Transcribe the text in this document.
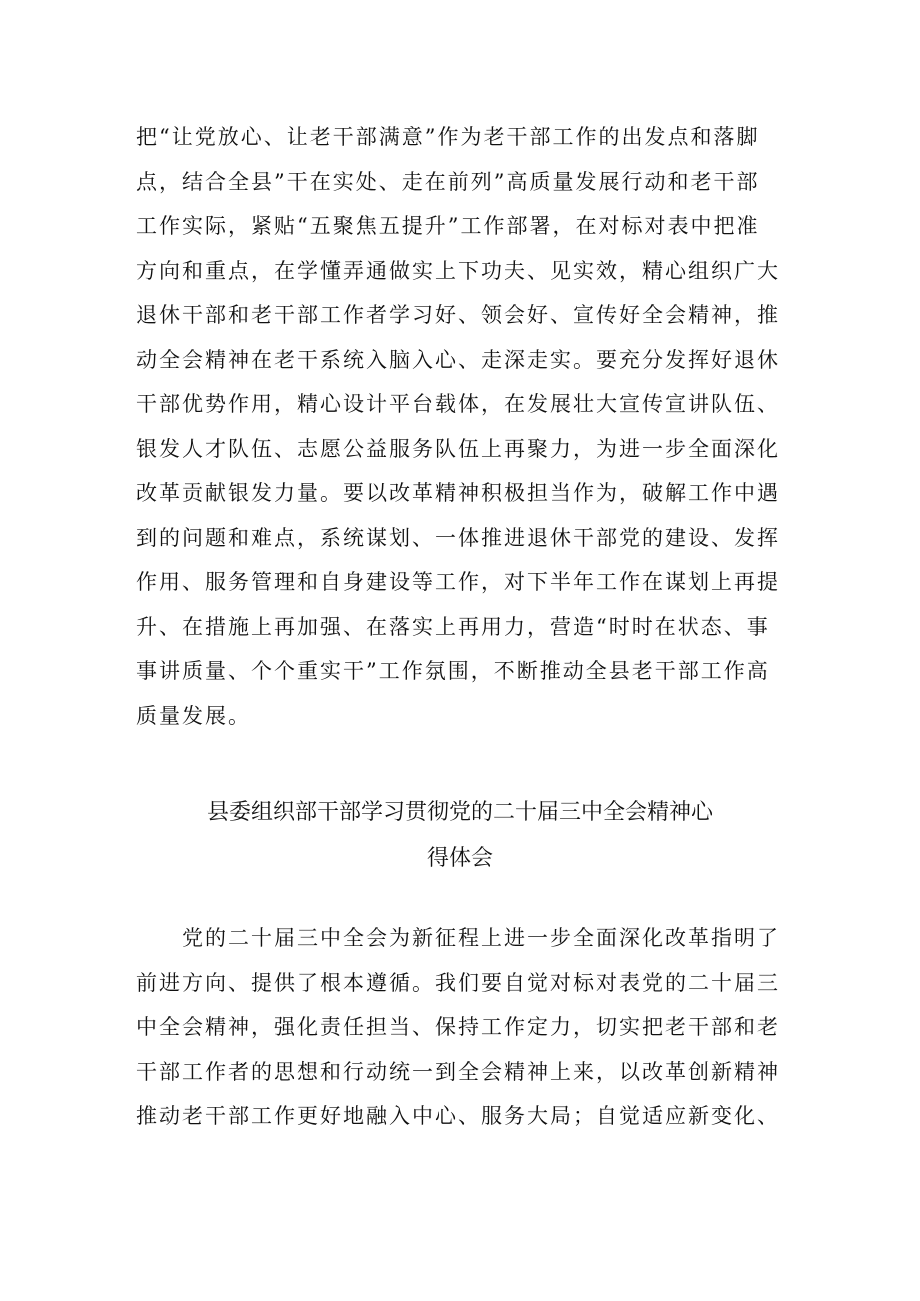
把“让党放心、让老干部满意”作为老干部工作的出发点和落脚
点，结合全县”干在实处、走在前列”高质量发展行动和老干部
工作实际，紧贴“五聚焦五提升”工作部署，在对标对表中把准
方向和重点，在学懂弄通做实上下功夫、见实效，精心组织广大
退休干部和老干部工作者学习好、领会好、宣传好全会精神，推
动全会精神在老干系统入脑入心、走深走实。要充分发挥好退休
干部优势作用，精心设计平台载体，在发展壮大宣传宣讲队伍、
银发人才队伍、志愿公益服务队伍上再聚力，为进一步全面深化
改革贡献银发力量。要以改革精神积极担当作为，破解工作中遇
到的问题和难点，系统谋划、一体推进退休干部党的建设、发挥
作用、服务管理和自身建设等工作，对下半年工作在谋划上再提
升、在措施上再加强、在落实上再用力，营造“时时在状态、事
事讲质量、个个重实干”工作氛围，不断推动全县老干部工作高
质量发展。
县委组织部干部学习贯彻党的二十届三中全会精神心
得体会
　　党的二十届三中全会为新征程上进一步全面深化改革指明了
前进方向、提供了根本遵循。我们要自觉对标对表党的二十届三
中全会精神，强化责任担当、保持工作定力，切实把老干部和老
干部工作者的思想和行动统一到全会精神上来，以改革创新精神
推动老干部工作更好地融入中心、服务大局；自觉适应新变化、
